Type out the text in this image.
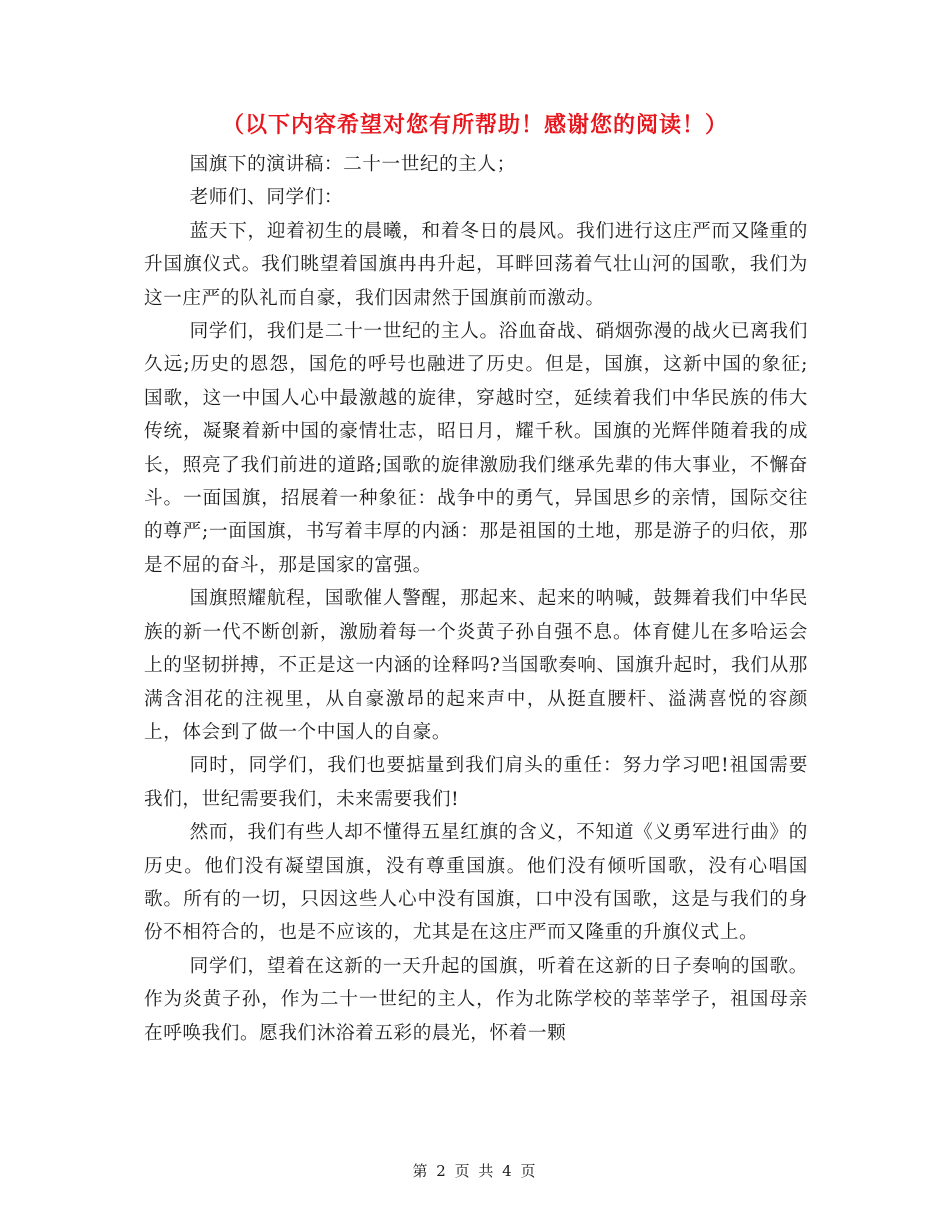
（以下内容希望对您有所帮助！感谢您的阅读！）

国旗下的演讲稿：二十一世纪的主人；

老师们、同学们：

蓝天下，迎着初生的晨曦，和着冬日的晨风。我们进行这庄严而又隆重的升国旗仪式。我们眺望着国旗冉冉升起，耳畔回荡着气壮山河的国歌，我们为这一庄严的队礼而自豪，我们因肃然于国旗前而激动。

同学们，我们是二十一世纪的主人。浴血奋战、硝烟弥漫的战火已离我们久远;历史的恩怨，国危的呼号也融进了历史。但是，国旗，这新中国的象征;国歌，这一中国人心中最激越的旋律，穿越时空，延续着我们中华民族的伟大传统，凝聚着新中国的豪情壮志，昭日月，耀千秋。国旗的光辉伴随着我的成长，照亮了我们前进的道路;国歌的旋律激励我们继承先辈的伟大事业，不懈奋斗。一面国旗，招展着一种象征：战争中的勇气，异国思乡的亲情，国际交往的尊严;一面国旗，书写着丰厚的内涵：那是祖国的土地，那是游子的归依，那是不屈的奋斗，那是国家的富强。

国旗照耀航程，国歌催人警醒，那起来、起来的呐喊，鼓舞着我们中华民族的新一代不断创新，激励着每一个炎黄子孙自强不息。体育健儿在多哈运会上的坚韧拼搏，不正是这一内涵的诠释吗?当国歌奏响、国旗升起时，我们从那满含泪花的注视里，从自豪激昂的起来声中，从挺直腰杆、溢满喜悦的容颜上，体会到了做一个中国人的自豪。

同时，同学们，我们也要掂量到我们肩头的重任：努力学习吧!祖国需要我们，世纪需要我们，未来需要我们!

然而，我们有些人却不懂得五星红旗的含义，不知道《义勇军进行曲》的历史。他们没有凝望国旗，没有尊重国旗。他们没有倾听国歌，没有心唱国歌。所有的一切，只因这些人心中没有国旗，口中没有国歌，这是与我们的身份不相符合的，也是不应该的，尤其是在这庄严而又隆重的升旗仪式上。

同学们，望着在这新的一天升起的国旗，听着在这新的日子奏响的国歌。作为炎黄子孙，作为二十一世纪的主人，作为北陈学校的莘莘学子，祖国母亲在呼唤我们。愿我们沐浴着五彩的晨光，怀着一颗

第 2 页 共 4 页
